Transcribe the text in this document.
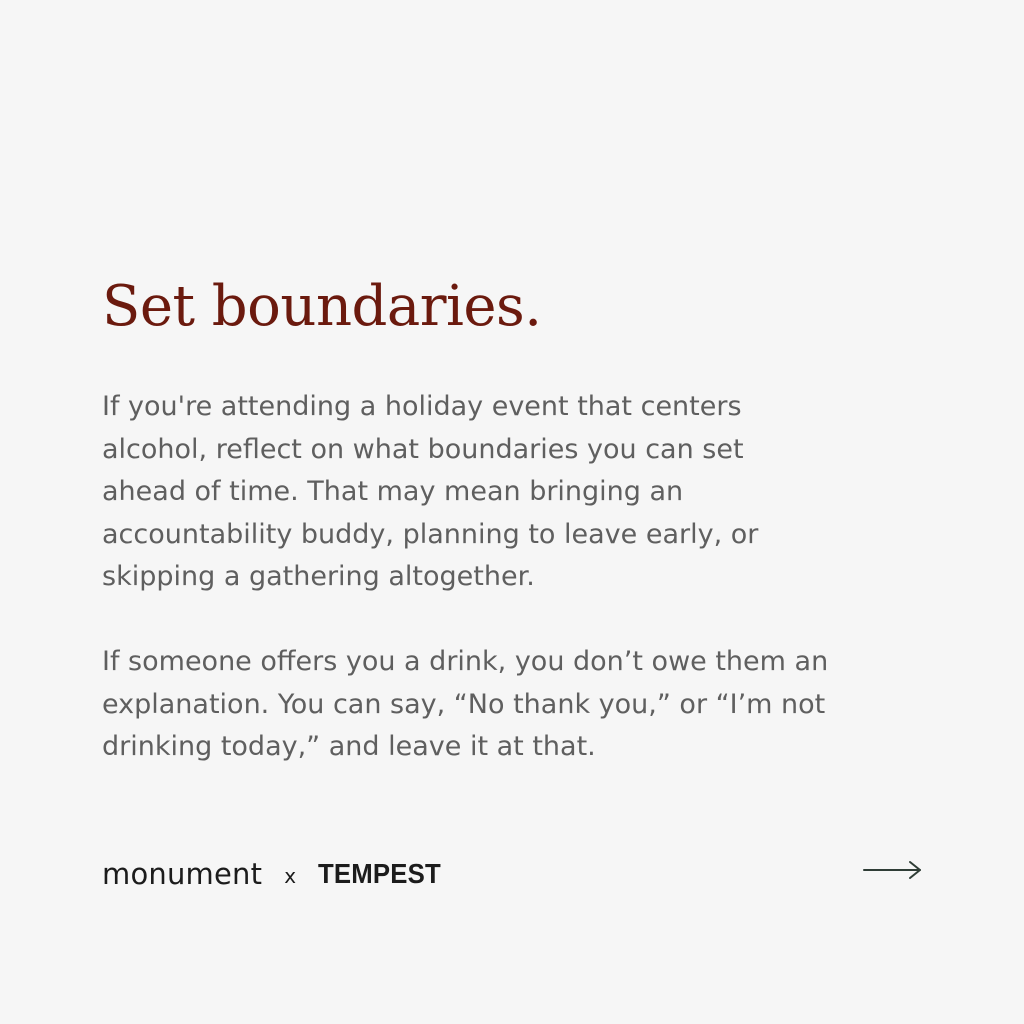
Set boundaries.

If you're attending a holiday event that centers alcohol, reflect on what boundaries you can set ahead of time. That may mean bringing an accountability buddy, planning to leave early, or skipping a gathering altogether.

If someone offers you a drink, you don’t owe them an explanation. You can say, “No thank you,” or “I’m not drinking today,” and leave it at that.

monument x TEMPEST
